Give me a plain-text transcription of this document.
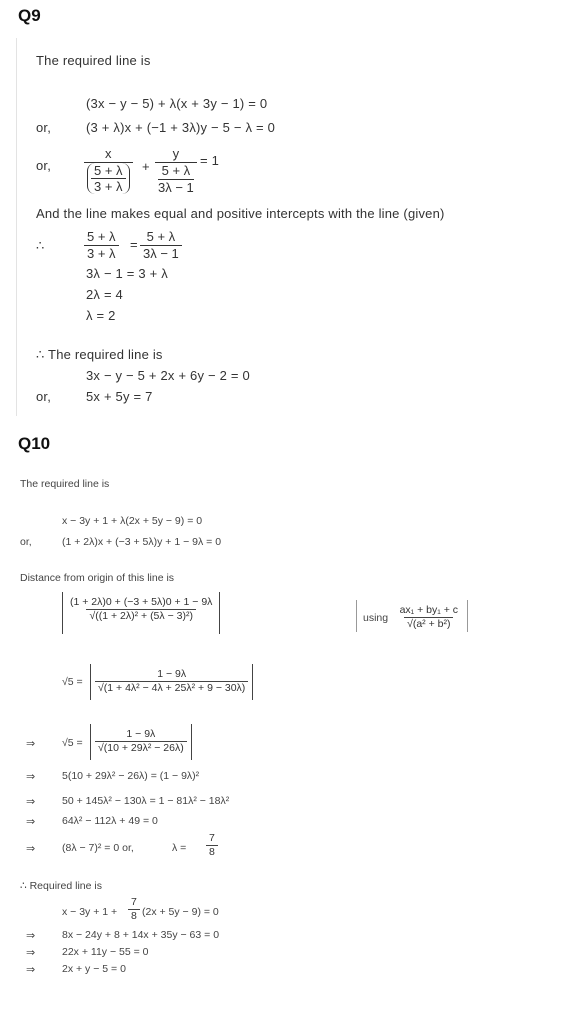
Q9
The required line is
(3x − y − 5) + λ(x + 3y − 1) = 0
or,	(3 + λ)x + (−1 + 3λ)y − 5 − λ = 0
or,	$\frac{x}{\frac{5 + \lambda}{3 + \lambda}} + \frac{y}{\frac{5 + \lambda}{3\lambda - 1}} = 1$
And the line makes equal and positive intercepts with the line (given)
∴	$\frac{5 + \lambda}{3 + \lambda} = \frac{5 + \lambda}{3\lambda - 1}$
3λ − 1 = 3 + λ
2λ = 4
λ = 2
∴ The required line is
3x − y − 5 + 2x + 6y − 2 = 0
or,	5x + 5y = 7
Q10
The required line is
x − 3y + 1 + λ(2x + 5y − 9) = 0
or,	(1 + 2λ)x + (−3 + 5λ)y + 1 − 9λ = 0
Distance from origin of this line is
$\frac{(1 + 2\lambda)0 + (-3 + 5\lambda)0 + 1 - 9\lambda}{\text{√((1 + 2λ)² + (5λ − 3)²)}}$	$_{using} \frac{\text{ax₁ + by₁ + c}}{\text{√(a² + b²)}}$
$√5 = \frac{1 - 9\lambda}{\text{√(1 + 4λ² − 4λ + 25λ² + 9 − 30λ)}}$
⇒	$√5 = \frac{1 - 9\lambda}{\text{√(10 + 29λ² − 26λ)}}$
⇒	5(10 + 29λ² − 26λ) = (1 − 9λ)²
⇒	50 + 145λ² − 130λ = 1 − 81λ² − 18λ²
⇒	64λ² − 112λ + 49 = 0
⇒	(8λ − 7)² = 0 or,	$\lambda = \frac{7}{8}$
∴ Required line is
$x - 3y + 1 + \frac{7}{8} (2x + 5y - 9) = 0$
⇒	8x − 24y + 8 + 14x + 35y − 63 = 0
⇒	22x + 11y − 55 = 0
⇒	2x + y − 5 = 0
